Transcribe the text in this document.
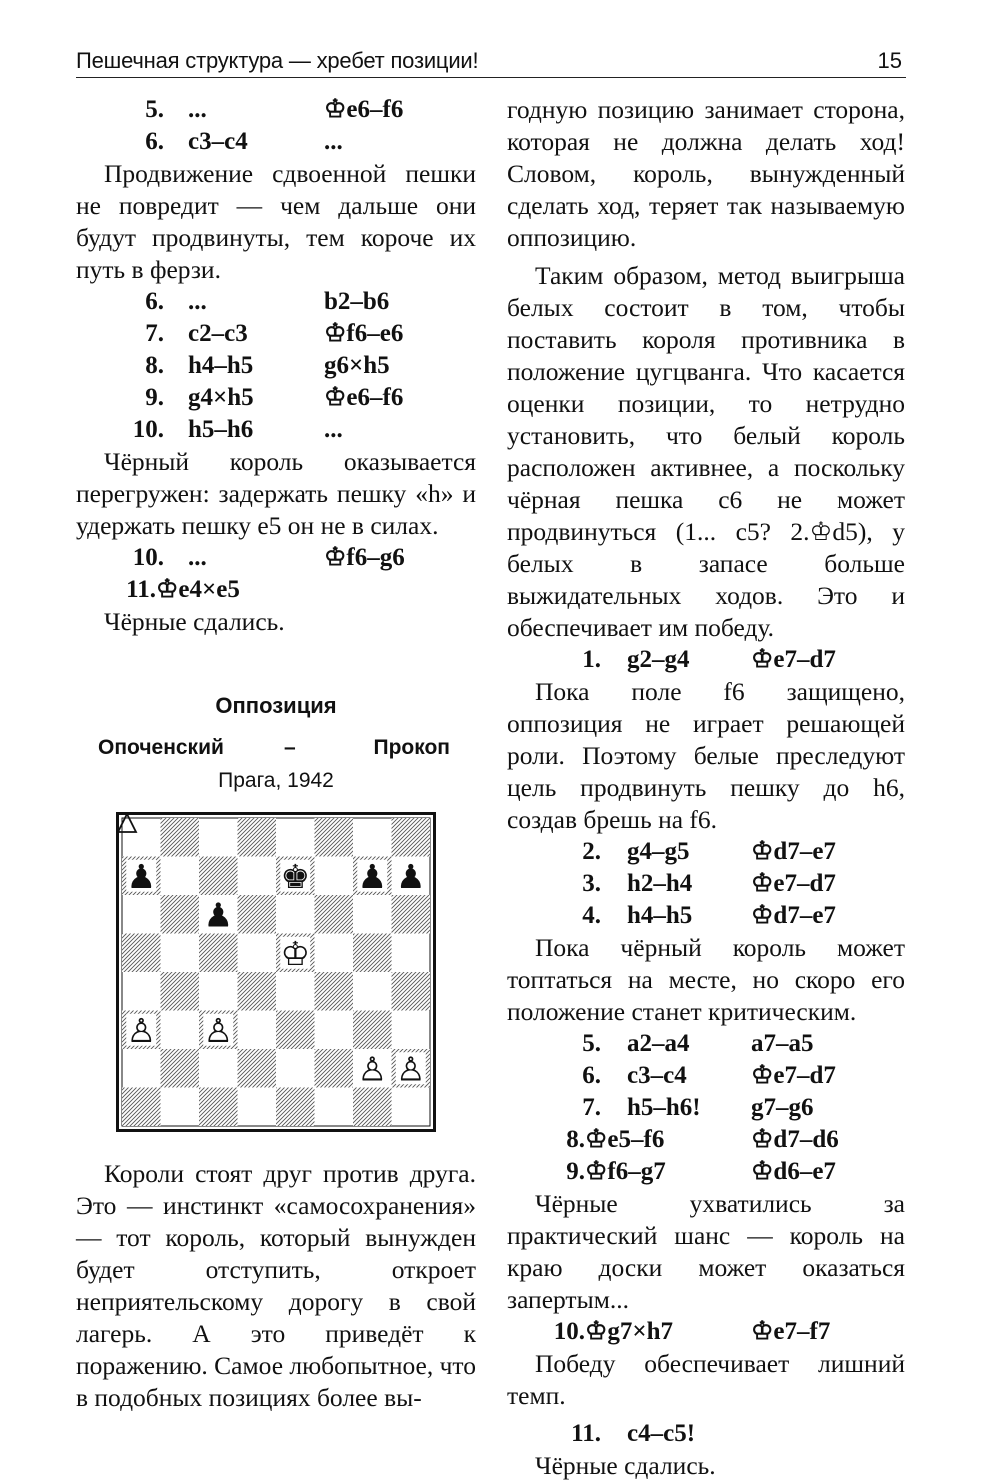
Пешечная структура — хребет позиции!	15
5. ...	♔e6–f6
6. c3–c4	...

Продвижение сдвоенной пешки не повредит — чем дальше они будут продвинуты, тем короче их путь в ферзи.

6. ...	b2–b6
7. c2–c3	♔f6–e6
8. h4–h5	g6×h5
9. g4×h5	♔e6–f6
10. h5–h6	...

Чёрный король оказывается перегружен: задержать пешку «h» и удержать пешку e5 он не в силах.

10. ...	♔f6–g6
11. ♔e4×e5

Чёрные сдались.

Оппозиция
Опоченский	–	Прокоп
Прага, 1942
♟	♚ ♟ ♟
♟
♔
♙ ♙
♙ ♙

Короли стоят друг против друга. Это — инстинкт «самосохранения» — тот король, который вынужден будет отступить, откроет неприятельскому дорогу в свой лагерь. А это приведёт к поражению. Самое любопытное, что в подобных позициях более вы-

годную позицию занимает сторона, которая не должна делать ход! Словом, король, вынужденный сделать ход, теряет так называемую оппозицию.

Таким образом, метод выигрыша белых состоит в том, чтобы поставить короля противника в положение цугцванга. Что касается оценки позиции, то нетрудно установить, что белый король расположен активнее, а поскольку чёрная пешка c6 не может продвинуться (1... c5? 2.♔d5), у белых в запасе больше выжидательных ходов. Это и обеспечивает им победу.

1. g2–g4 ♔e7–d7

Пока поле f6 защищено, оппозиция не играет решающей роли. Поэтому белые преследуют цель продвинуть пешку до h6, создав брешь на f6.

2. g4–g5 ♔d7–e7
3. h2–h4 ♔e7–d7
4. h4–h5 ♔d7–e7

Пока чёрный король может топтаться на месте, но скоро его положение станет критическим.

5. a2–a4 a7–a5
6. c3–c4	♔e7–d7
7. h5–h6! g7–g6
8. ♔e5–f6	♔d7–d6
9. ♔f6–g7	♔d6–e7

Чёрные ухватились за практический шанс — король на краю доски может оказаться запертым...

10. ♔g7×h7	♔e7–f7

Победу обеспечивает лишний темп.

11. c4–c5!

Чёрные сдались.
